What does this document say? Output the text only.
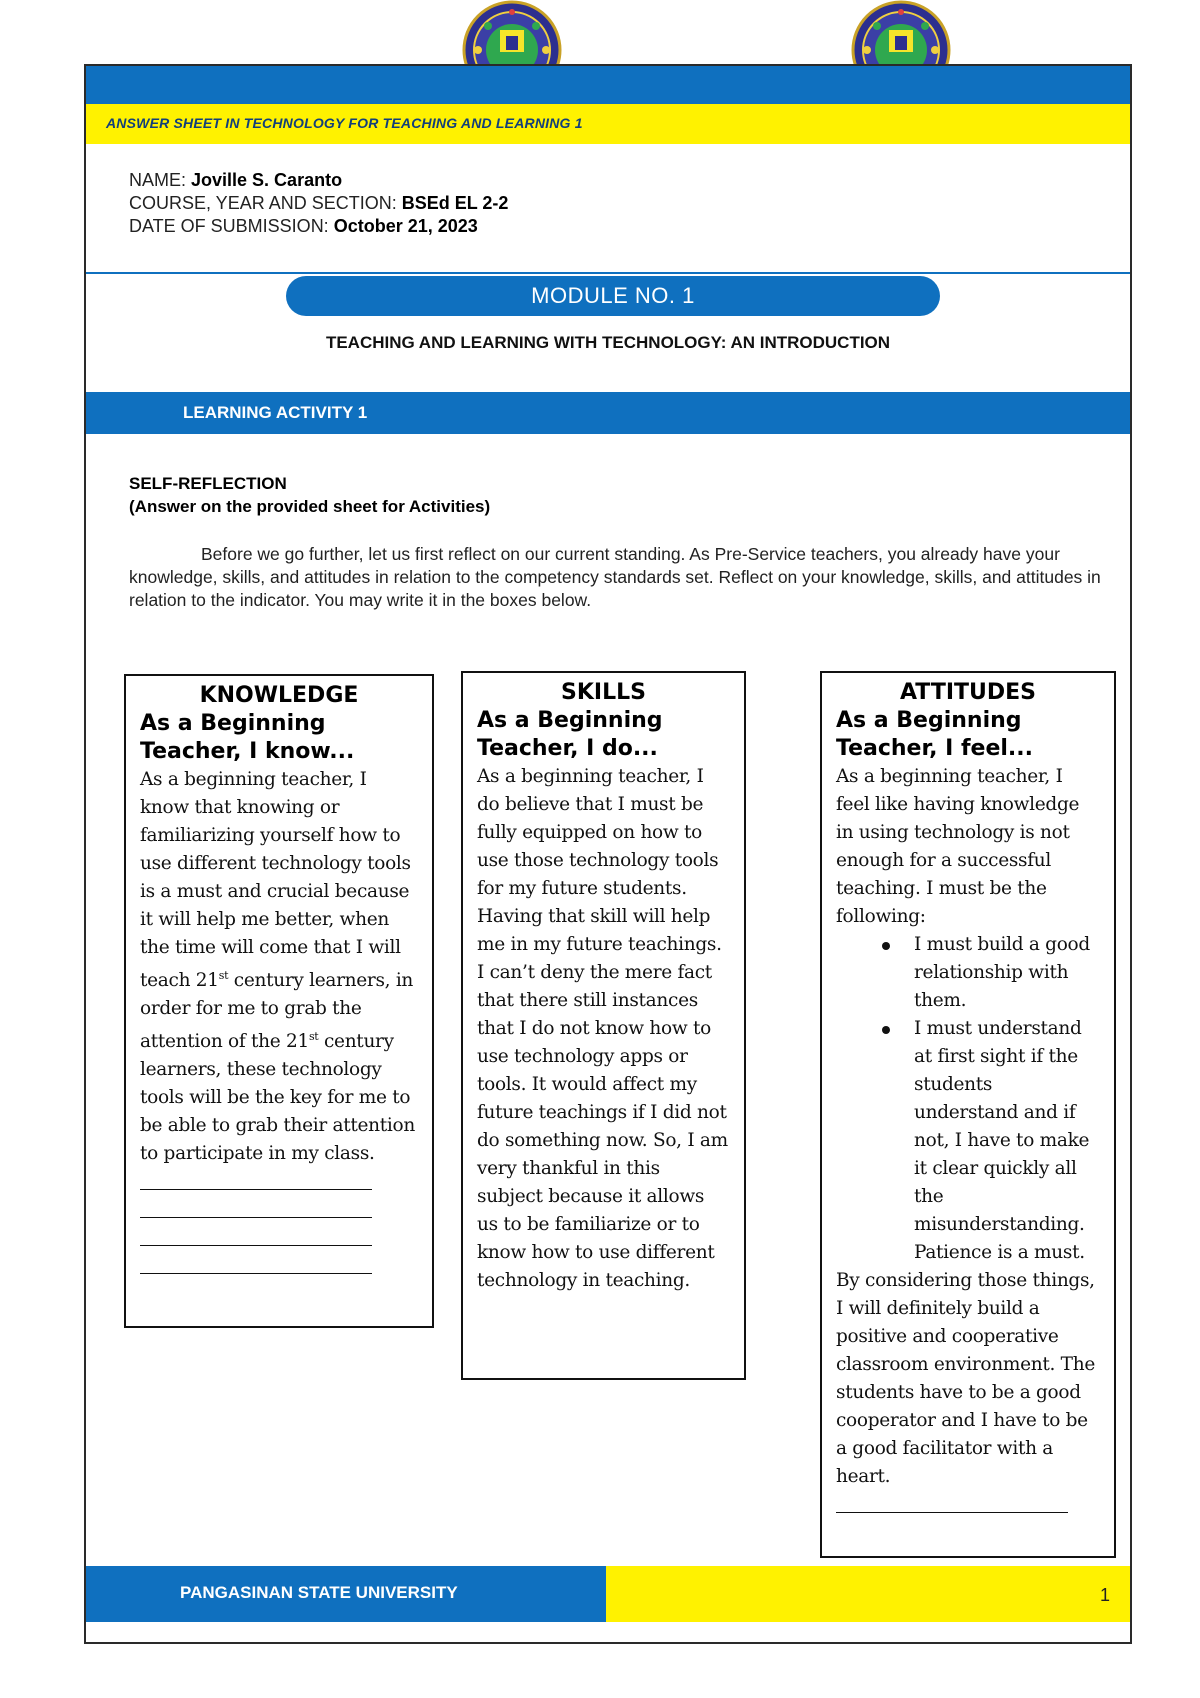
ANSWER SHEET IN TECHNOLOGY FOR TEACHING AND LEARNING 1
NAME: Joville S. Caranto
COURSE, YEAR AND SECTION: BSEd EL 2-2
DATE OF SUBMISSION: October 21, 2023
MODULE NO. 1
TEACHING AND LEARNING WITH TECHNOLOGY: AN INTRODUCTION
LEARNING ACTIVITY 1
SELF-REFLECTION
(Answer on the provided sheet for Activities)
Before we go further, let us first reflect on our current standing. As Pre-Service teachers, you already have your knowledge, skills, and attitudes in relation to the competency standards set. Reflect on your knowledge, skills, and attitudes in relation to the indicator. You may write it in the boxes below.
KNOWLEDGE
As a Beginning Teacher, I know...
As a beginning teacher, I know that knowing or familiarizing yourself how to use different technology tools is a must and crucial because it will help me better, when the time will come that I will teach 21st century learners, in order for me to grab the attention of the 21st century learners, these technology tools will be the key for me to be able to grab their attention to participate in my class.
SKILLS
As a Beginning Teacher, I do...
As a beginning teacher, I do believe that I must be fully equipped on how to use those technology tools for my future students. Having that skill will help me in my future teachings. I can’t deny the mere fact that there still instances that I do not know how to use technology apps or tools. It would affect my future teachings if I did not do something now. So, I am very thankful in this subject because it allows us to be familiarize or to know how to use different technology in teaching.
ATTITUDES
As a Beginning Teacher, I feel...
As a beginning teacher, I feel like having knowledge in using technology is not enough for a successful teaching. I must be the following:
I must build a good relationship with them.
I must understand at first sight if the students understand and if not, I have to make it clear quickly all the misunderstanding. Patience is a must.
By considering those things, I will definitely build a positive and cooperative classroom environment. The students have to be a good cooperator and I have to be a good facilitator with a heart.
PANGASINAN STATE UNIVERSITY	1
